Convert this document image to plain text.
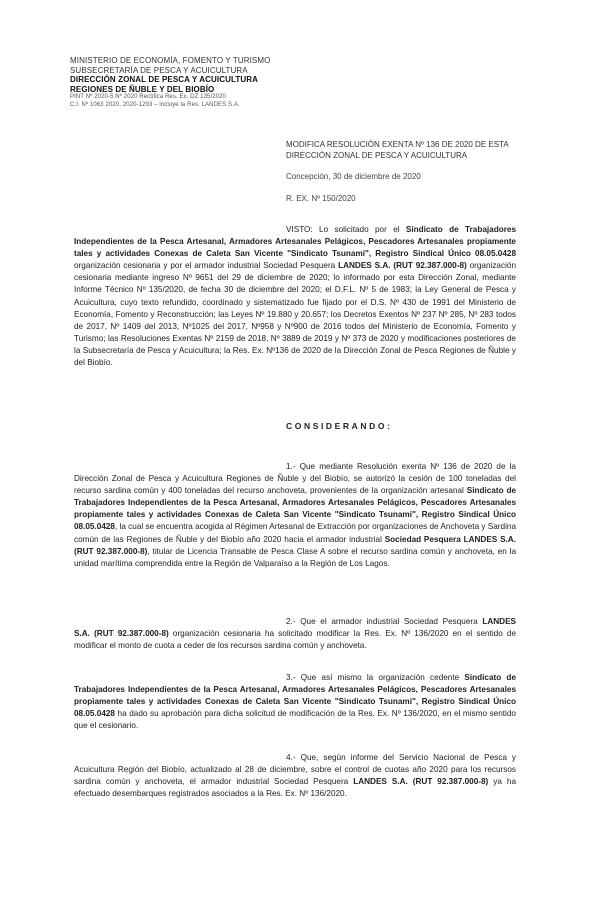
MINISTERIO DE ECONOMÍA, FOMENTO Y TURISMO
SUBSECRETARÍA DE PESCA Y ACUICULTURA
DIRECCIÓN ZONAL DE PESCA Y ACUICULTURA
REGIONES DE ÑUBLE Y DEL BIOBÍO
PINT Nº 2020-5 Nº 2020 Rectifica Res. Ex. DZ 135/2020
C.I. Nº 1063 2020, 2020-1293 – incluye la Res. LANDES S.A.
MODIFICA RESOLUCIÓN EXENTA Nº 136 DE 2020 DE ESTA DIRECCIÓN ZONAL DE PESCA Y ACUICULTURA
Concepción, 30 de diciembre de 2020
R. EX. Nº 150/2020
VISTO: Lo solicitado por el Sindicato de Trabajadores Independientes de la Pesca Artesanal, Armadores Artesanales Pelágicos, Pescadores Artesanales propiamente tales y actividades Conexas de Caleta San Vicente "Sindicato Tsunami", Registro Sindical Único 08.05.0428 organización cesionaria y por el armador industrial Sociedad Pesquera LANDES S.A. (RUT 92.387.000-8) organización cesionaria mediante ingreso Nº 9651 del 29 de diciembre de 2020; lo informado por esta Dirección Zonal, mediante Informe Técnico Nº 135/2020, de fecha 30 de diciembre del 2020; el D.F.L. Nº 5 de 1983; la Ley General de Pesca y Acuicultura, cuyo texto refundido, coordinado y sistematizado fue fijado por el D.S. Nº 430 de 1991 del Ministerio de Economía, Fomento y Reconstrucción; las Leyes Nº 19.880 y 20.657; los Decretos Exentos Nº 237 Nº 285, Nº 283 todos de 2017, Nº 1409 del 2013, Nº1025 del 2017, Nº958 y Nº900 de 2016 todos del Ministerio de Economía, Fomento y Turismo; las Resoluciones Exentas Nº 2159 de 2018, Nº 3889 de 2019 y Nº 373 de 2020 y modificaciones posteriores de la Subsecretaría de Pesca y Acuicultura; la Res. Ex. Nº136 de 2020 de la Dirección Zonal de Pesca Regiones de Ñuble y del Biobío.
CONSIDERANDO:
1.- Que mediante Resolución exenta Nº 136 de 2020 de la Dirección Zonal de Pesca y Acuicultura Regiones de Ñuble y del Biobío, se autorizó la cesión de 100 toneladas del recurso sardina común y 400 toneladas del recurso anchoveta, provenientes de la organización artesanal Sindicato de Trabajadores Independientes de la Pesca Artesanal, Armadores Artesanales Pelágicos, Pescadores Artesanales propiamente tales y actividades Conexas de Caleta San Vicente "Sindicato Tsunami", Registro Sindical Único 08.05.0428, la cual se encuentra acogida al Régimen Artesanal de Extracción por organizaciones de Anchoveta y Sardina común de las Regiones de Ñuble y del Biobío año 2020 hacia el armador industrial Sociedad Pesquera LANDES S.A. (RUT 92.387.000-8), titular de Licencia Transable de Pesca Clase A sobre el recurso sardina común y anchoveta, en la unidad marítima comprendida entre la Región de Valparaíso a la Región de Los Lagos.
2.- Que el armador industrial Sociedad Pesquera LANDES S.A. (RUT 92.387.000-8) organización cesionaria ha solicitado modificar la Res. Ex. Nº 136/2020 en el sentido de modificar el monto de cuota a ceder de los recursos sardina común y anchoveta.
3.- Que así mismo la organización cedente Sindicato de Trabajadores Independientes de la Pesca Artesanal, Armadores Artesanales Pelágicos, Pescadores Artesanales propiamente tales y actividades Conexas de Caleta San Vicente "Sindicato Tsunami", Registro Sindical Único 08.05.0428 ha dado su aprobación para dicha solicitud de modificación de la Res. Ex. Nº 136/2020, en el mismo sentido que el cesionario.
4.- Que, según informe del Servicio Nacional de Pesca y Acuicultura Región del Biobío, actualizado al 28 de diciembre, sobre el control de cuotas año 2020 para los recursos sardina común y anchoveta, el armador industrial Sociedad Pesquera LANDES S.A. (RUT 92.387.000-8) ya ha efectuado desembarques registrados asociados a la Res. Ex. Nº 136/2020.
